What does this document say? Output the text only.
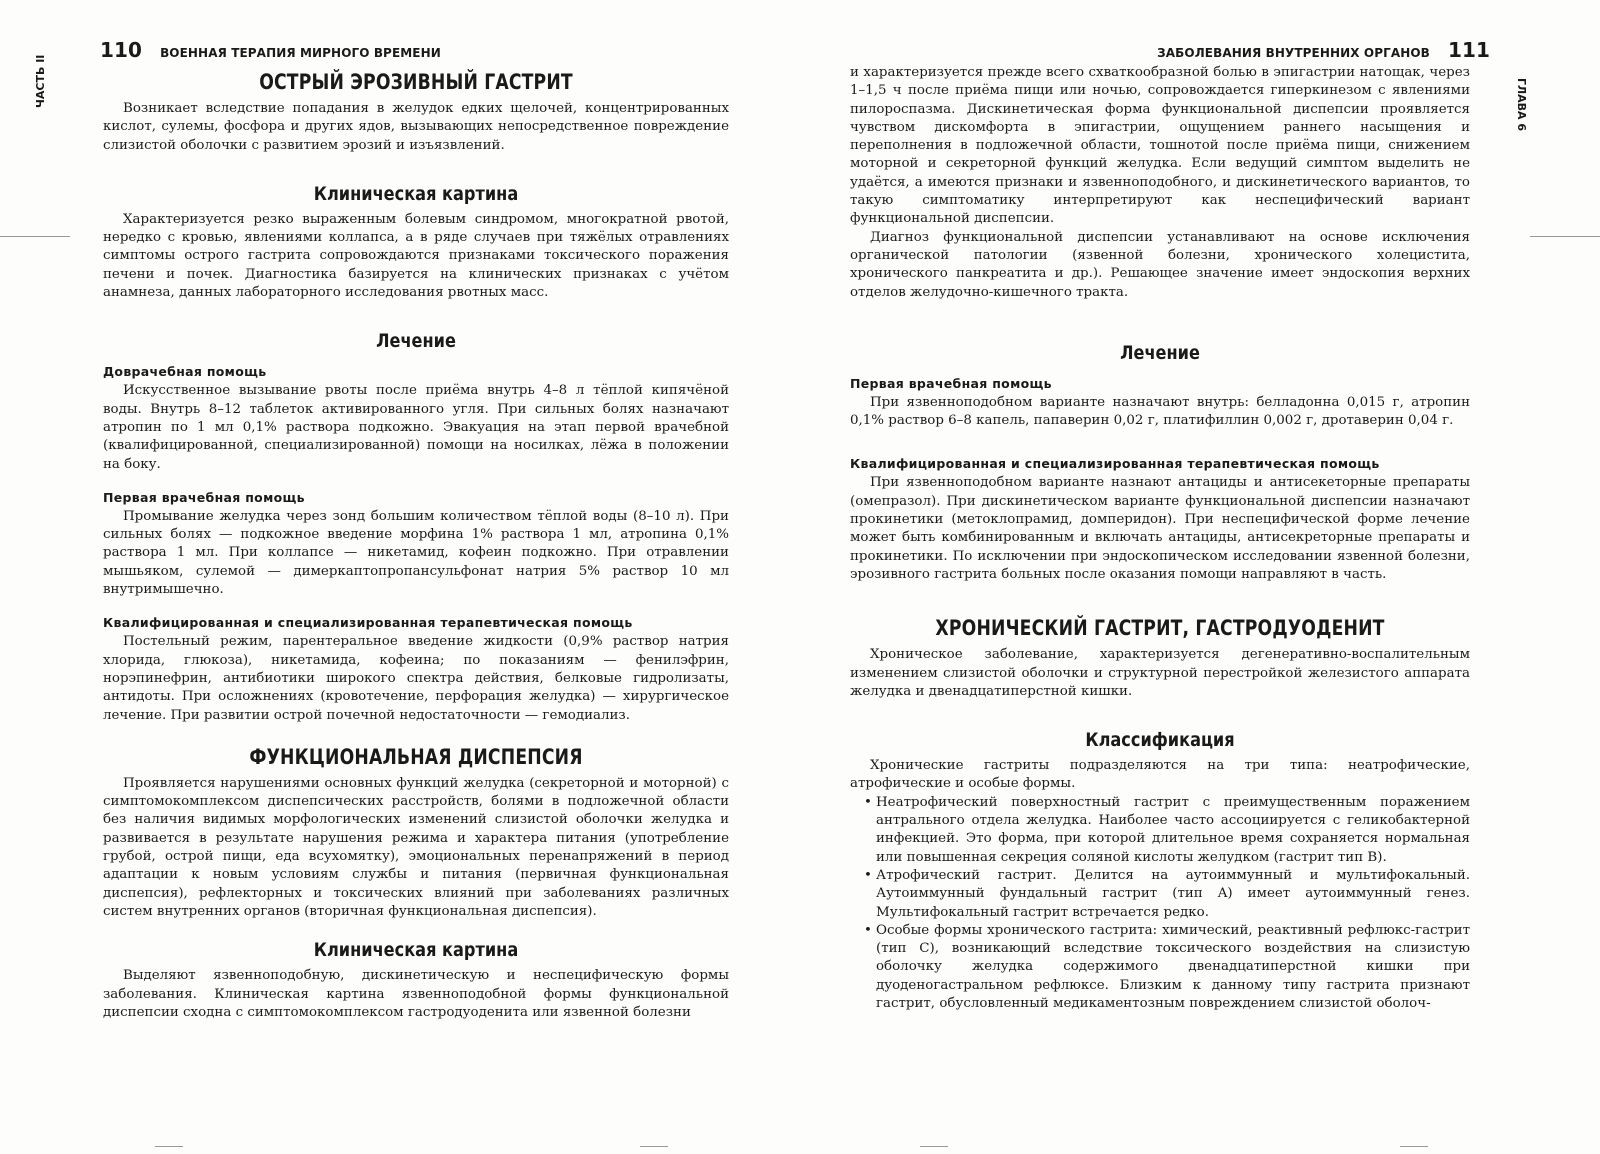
110 ВОЕННАЯ ТЕРАПИЯ МИРНОГО ВРЕМЕНИ
ЧАСТЬ II	ОСТРЫЙ ЭРОЗИВНЫЙ ГАСТРИТ

Возникает вследствие попадания в желудок едких щелочей, концентрированных кислот, сулемы, фосфора и других ядов, вызывающих непосредственное повреждение слизистой оболочки с развитием эрозий и изъязвлений.

Клиническая картина

Характеризуется резко выраженным болевым синдромом, многократной рвотой, нередко с кровью, явлениями коллапса, а в ряде случаев при тяжёлых отравлениях симптомы острого гастрита сопровождаются признаками токсического поражения печени и почек. Диагностика базируется на клинических признаках с учётом анамнеза, данных лабораторного исследования рвотных масс.

Лечение
Доврачебная помощь

Искусственное вызывание рвоты после приёма внутрь 4–8 л тёплой кипячёной воды. Внутрь 8–12 таблеток активированного угля. При сильных болях назначают атропин по 1 мл 0,1% раствора подкожно. Эвакуация на этап первой врачебной (квалифицированной, специализированной) помощи на носилках, лёжа в положении на боку.

Первая врачебная помощь

Промывание желудка через зонд большим количеством тёплой воды (8–10 л). При сильных болях — подкожное введение морфина 1% раствора 1 мл, атропина 0,1% раствора 1 мл. При коллапсе — никетамид, кофеин подкожно. При отравлении мышьяком, сулемой — димеркаптопропансульфонат натрия 5% раствор 10 мл внутримышечно.

Квалифицированная и специализированная терапевтическая помощь

Постельный режим, парентеральное введение жидкости (0,9% раствор натрия хлорида, глюкоза), никетамида, кофеина; по показаниям — фенилэфрин, норэпинефрин, антибиотики широкого спектра действия, белковые гидролизаты, антидоты. При осложнениях (кровотечение, перфорация желудка) — хирургическое лечение. При развитии острой почечной недостаточности — гемодиализ.

ФУНКЦИОНАЛЬНАЯ ДИСПЕПСИЯ

Проявляется нарушениями основных функций желудка (секреторной и моторной) с симптомокомплексом диспепсических расстройств, болями в подложечной области без наличия видимых морфологических изменений слизистой оболочки желудка и развивается в результате нарушения режима и характера питания (употребление грубой, острой пищи, еда всухомятку), эмоциональных перенапряжений в период адаптации к новым условиям службы и питания (первичная функциональная диспепсия), рефлекторных и токсических влияний при заболеваниях различных систем внутренних органов (вторичная функциональная диспепсия).

Клиническая картина

Выделяют язвенноподобную, дискинетическую и неспецифическую формы заболевания. Клиническая картина язвенноподобной формы функциональной диспепсии сходна с симптомокомплексом гастродуоденита или язвенной болезни

ЗАБОЛЕВАНИЯ ВНУТРЕННИХ ОРГАНОВ 111
ГЛАВА 6

и характеризуется прежде всего схваткообразной болью в эпигастрии натощак, через 1–1,5 ч после приёма пищи или ночью, сопровождается гиперкинезом с явлениями пилороспазма. Дискинетическая форма функциональной диспепсии проявляется чувством дискомфорта в эпигастрии, ощущением раннего насыщения и переполнения в подложечной области, тошнотой после приёма пищи, снижением моторной и секреторной функций желудка. Если ведущий симптом выделить не удаётся, а имеются признаки и язвенноподобного, и дискинетического вариантов, то такую симптоматику интерпретируют как неспецифический вариант функциональной диспепсии.

Диагноз функциональной диспепсии устанавливают на основе исключения органической патологии (язвенной болезни, хронического холецистита, хронического панкреатита и др.). Решающее значение имеет эндоскопия верхних отделов желудочно-кишечного тракта.

Лечение
Первая врачебная помощь

При язвенноподобном варианте назначают внутрь: белладонна 0,015 г, атропин 0,1% раствор 6–8 капель, папаверин 0,02 г, платифиллин 0,002 г, дротаверин 0,04 г.

Квалифицированная и специализированная терапевтическая помощь

При язвенноподобном варианте назнают антациды и антисекеторные препараты (омепразол). При дискинетическом варианте функциональной диспепсии назначают прокинетики (метоклопрамид, домперидон). При неспецифической форме лечение может быть комбинированным и включать антациды, антисекреторные препараты и прокинетики. По исключении при эндоскопическом исследовании язвенной болезни, эрозивного гастрита больных после оказания помощи направляют в часть.

ХРОНИЧЕСКИЙ ГАСТРИТ, ГАСТРОДУОДЕНИТ

Хроническое заболевание, характеризуется дегенеративно-воспалительным изменением слизистой оболочки и структурной перестройкой железистого аппарата желудка и двенадцатиперстной кишки.

Классификация

Хронические гастриты подразделяются на три типа: неатрофические, атрофические и особые формы.

• Неатрофический поверхностный гастрит с преимущественным поражением антрального отдела желудка. Наиболее часто ассоциируется с геликобактерной инфекцией. Это форма, при которой длительное время сохраняется нормальная или повышенная секреция соляной кислоты желудком (гастрит тип B).
• Атрофический гастрит. Делится на аутоиммунный и мультифокальный. Аутоиммунный фундальный гастрит (тип A) имеет аутоиммунный генез. Мультифокальный гастрит встречается редко.
• Особые формы хронического гастрита: химический, реактивный рефлюкс-гастрит (тип C), возникающий вследствие токсического воздействия на слизистую оболочку желудка содержимого двенадцатиперстной кишки при дуоденогастральном рефлюксе. Близким к данному типу гастрита признают гастрит, обусловленный медикаментозным повреждением слизистой оболоч-
